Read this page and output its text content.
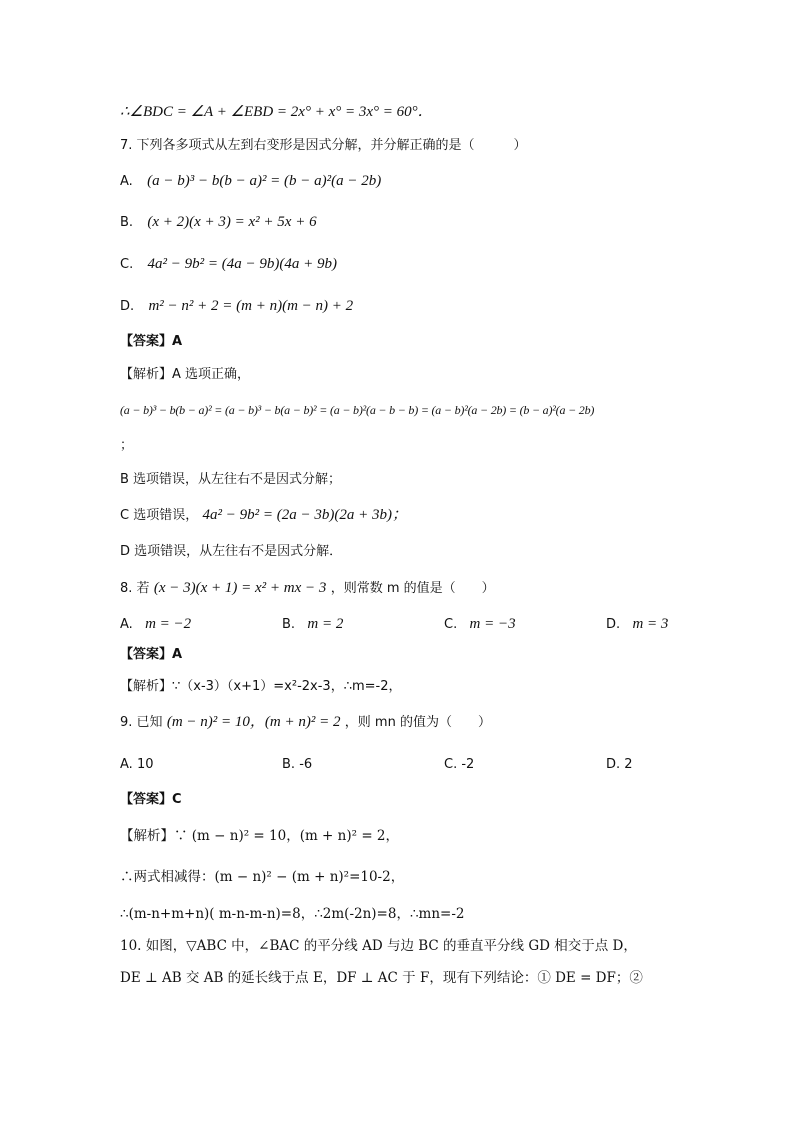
∴∠BDC = ∠A + ∠EBD = 2x° + x° = 3x° = 60°．
7. 下列各多项式从左到右变形是因式分解，并分解正确的是（　　　）
A. (a − b)³ − b(b − a)² = (b − a)²(a − 2b)
B. (x + 2)(x + 3) = x² + 5x + 6
C. 4a² − 9b² = (4a − 9b)(4a + 9b)
D. m² − n² + 2 = (m + n)(m − n) + 2
【答案】A
【解析】A 选项正确，
(a − b)³ − b(b − a)² = (a − b)³ − b(a − b)² = (a − b)²(a − b − b) = (a − b)²(a − 2b) = (b − a)²(a − 2b)
；
B 选项错误，从左往右不是因式分解；
C 选项错误， 4a² − 9b² = (2a − 3b)(2a + 3b)；
D 选项错误，从左往右不是因式分解．
8. 若 (x − 3)(x + 1) = x² + mx − 3 ，则常数 m 的值是（　　）
A. m = −2	B. m = 2	C. m = −3	D. m = 3
【答案】A
【解析】∵（x-3）（x+1）=x²-2x-3，∴m=-2，
9. 已知 (m − n)² = 10，(m + n)² = 2 ，则 mn 的值为（　　）
A. 10	B. -6	C. -2	D. 2
【答案】C
【解析】∵ (m − n)² = 10，(m + n)² = 2，
∴两式相减得：(m − n)² − (m + n)²=10-2，
∴(m-n+m+n)( m-n-m-n)=8，∴2m(-2n)=8，∴mn=-2
10. 如图，▽ABC 中，∠BAC 的平分线 AD 与边 BC 的垂直平分线 GD 相交于点 D，
DE ⊥ AB 交 AB 的延长线于点 E，DF ⊥ AC 于 F，现有下列结论：① DE = DF；②
